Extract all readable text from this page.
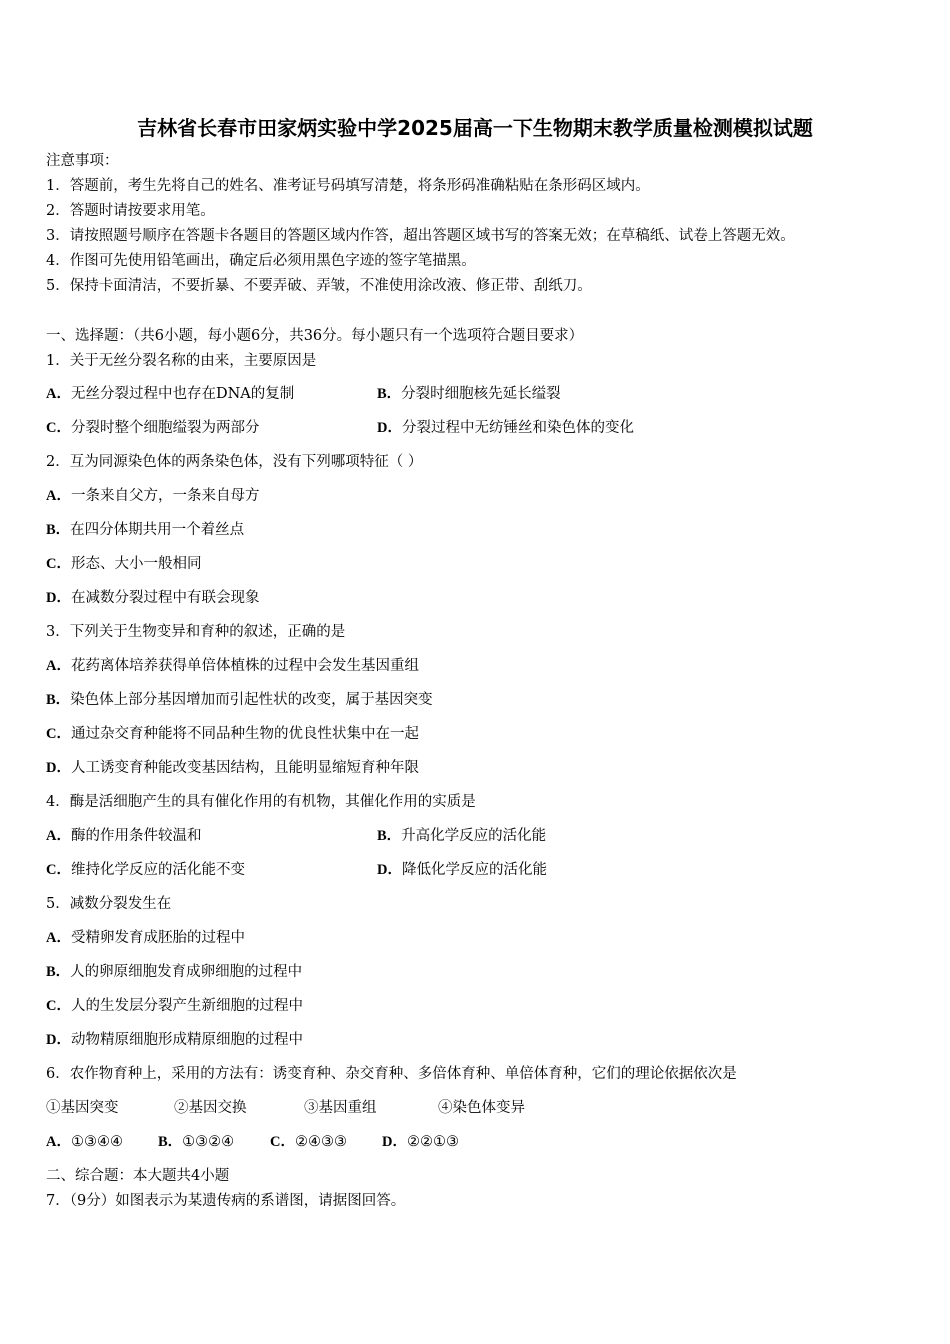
吉林省长春市田家炳实验中学2025届高一下生物期末教学质量检测模拟试题
注意事项：
1．答题前，考生先将自己的姓名、准考证号码填写清楚，将条形码准确粘贴在条形码区域内。
2．答题时请按要求用笔。
3．请按照题号顺序在答题卡各题目的答题区域内作答，超出答题区域书写的答案无效；在草稿纸、试卷上答题无效。
4．作图可先使用铅笔画出，确定后必须用黑色字迹的签字笔描黑。
5．保持卡面清洁，不要折暴、不要弄破、弄皱，不准使用涂改液、修正带、刮纸刀。
一、选择题：（共6小题，每小题6分，共36分。每小题只有一个选项符合题目要求）
1．关于无丝分裂名称的由来，主要原因是
A．无丝分裂过程中也存在DNA的复制	B．分裂时细胞核先延长缢裂
C．分裂时整个细胞缢裂为两部分	D．分裂过程中无纺锤丝和染色体的变化
2．互为同源染色体的两条染色体，没有下列哪项特征（ ）
A．一条来自父方，一条来自母方
B．在四分体期共用一个着丝点
C．形态、大小一般相同
D．在减数分裂过程中有联会现象
3．下列关于生物变异和育种的叙述，正确的是
A．花药离体培养获得单倍体植株的过程中会发生基因重组
B．染色体上部分基因增加而引起性状的改变，属于基因突变
C．通过杂交育种能将不同品种生物的优良性状集中在一起
D．人工诱变育种能改变基因结构，且能明显缩短育种年限
4．酶是活细胞产生的具有催化作用的有机物，其催化作用的实质是
A．酶的作用条件较温和	B．升高化学反应的活化能
C．维持化学反应的活化能不变	D．降低化学反应的活化能
5．减数分裂发生在
A．受精卵发育成胚胎的过程中
B．人的卵原细胞发育成卵细胞的过程中
C．人的生发层分裂产生新细胞的过程中
D．动物精原细胞形成精原细胞的过程中
6．农作物育种上，采用的方法有：诱变育种、杂交育种、多倍体育种、单倍体育种，它们的理论依据依次是
①基因突变	②基因交换	③基因重组	④染色体变异
A．①③④④ B．①③②④ C．②④③③ D．②②①③
二、综合题：本大题共4小题
7．（9分）如图表示为某遗传病的系谱图，请据图回答。
